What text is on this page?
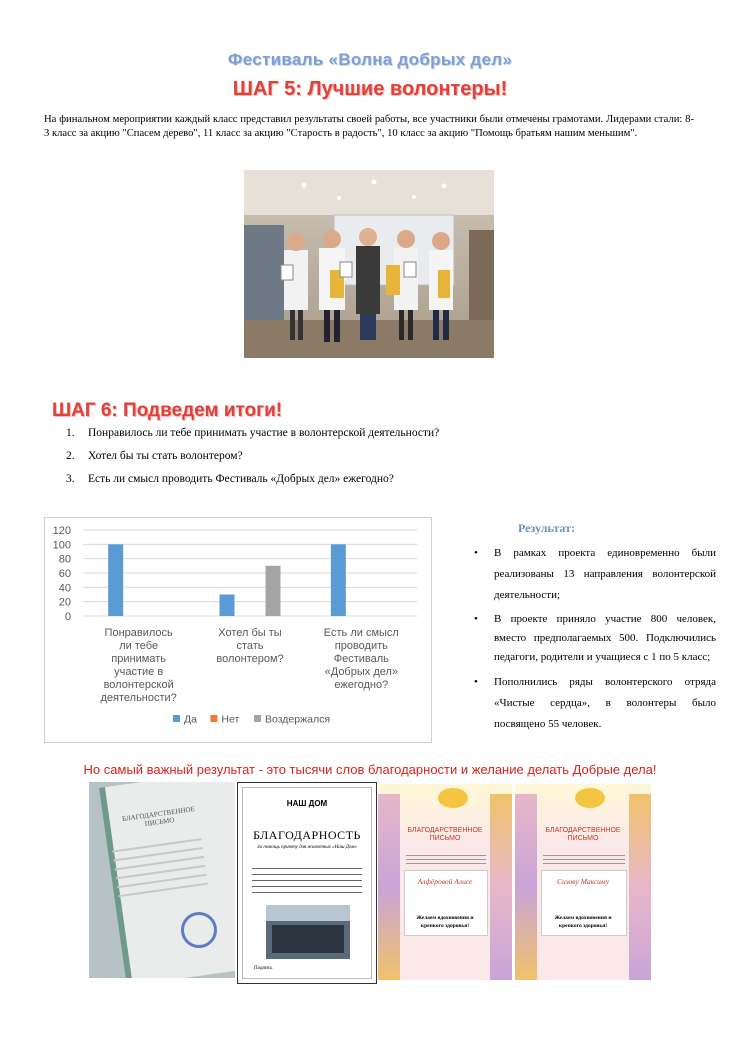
Фестиваль «Волна добрых дел»
ШАГ 5: Лучшие волонтеры!
На финальном мероприятии каждый класс представил результаты своей работы, все участники были отмечены грамотами. Лидерами стали: 8-3 класс за акцию "Спасем дерево", 11 класс за акцию "Старость в радость", 10 класс за акцию "Помощь братьям нашим меньшим".
ШАГ 6: Подведем итоги!
1.	Понравилось ли тебе принимать участие в волонтерской деятельности?
2.	Хотел бы ты стать волонтером?
3.	Есть ли смысл проводить Фестиваль «Добрых дел» ежегодно?
120
100
80
60
40
20
0
Понравилось
ли тебе
принимать
участие в
волонтерской
деятельности?
Хотел бы ты
стать
волонтером?
Есть ли смысл
проводить
Фестиваль
«Добрых дел»
ежегодно?
Да Нет Воздержался
Результат:
• В рамках проекта единовременно были реализованы 13 направления волонтерской деятельности;
• В проекте приняло участие 800 человек, вместо предполагаемых 500. Подключились педагоги, родители и учащиеся с 1 по 5 класс;
• Пополнились ряды волонтерского отряда «Чистые сердца», в волонтеры было посвящено 55 человек.
Но самый важный результат - это тысячи слов благодарности и желание делать Добрые дела!
БЛАГОДАРСТВЕННОЕ ПИСЬМО
НАШ ДОМ
БЛАГОДАРНОСТЬ
За помощь приюту для животных «Наш Дом»
Подпись
БЛАГОДАРСТВЕННОЕ ПИСЬМО
Алфёровой Алисе
Желаем вдохновения и крепкого здоровья!
БЛАГОДАРСТВЕННОЕ ПИСЬМО
Сизову Максиму
Желаем вдохновения и крепкого здоровья!
